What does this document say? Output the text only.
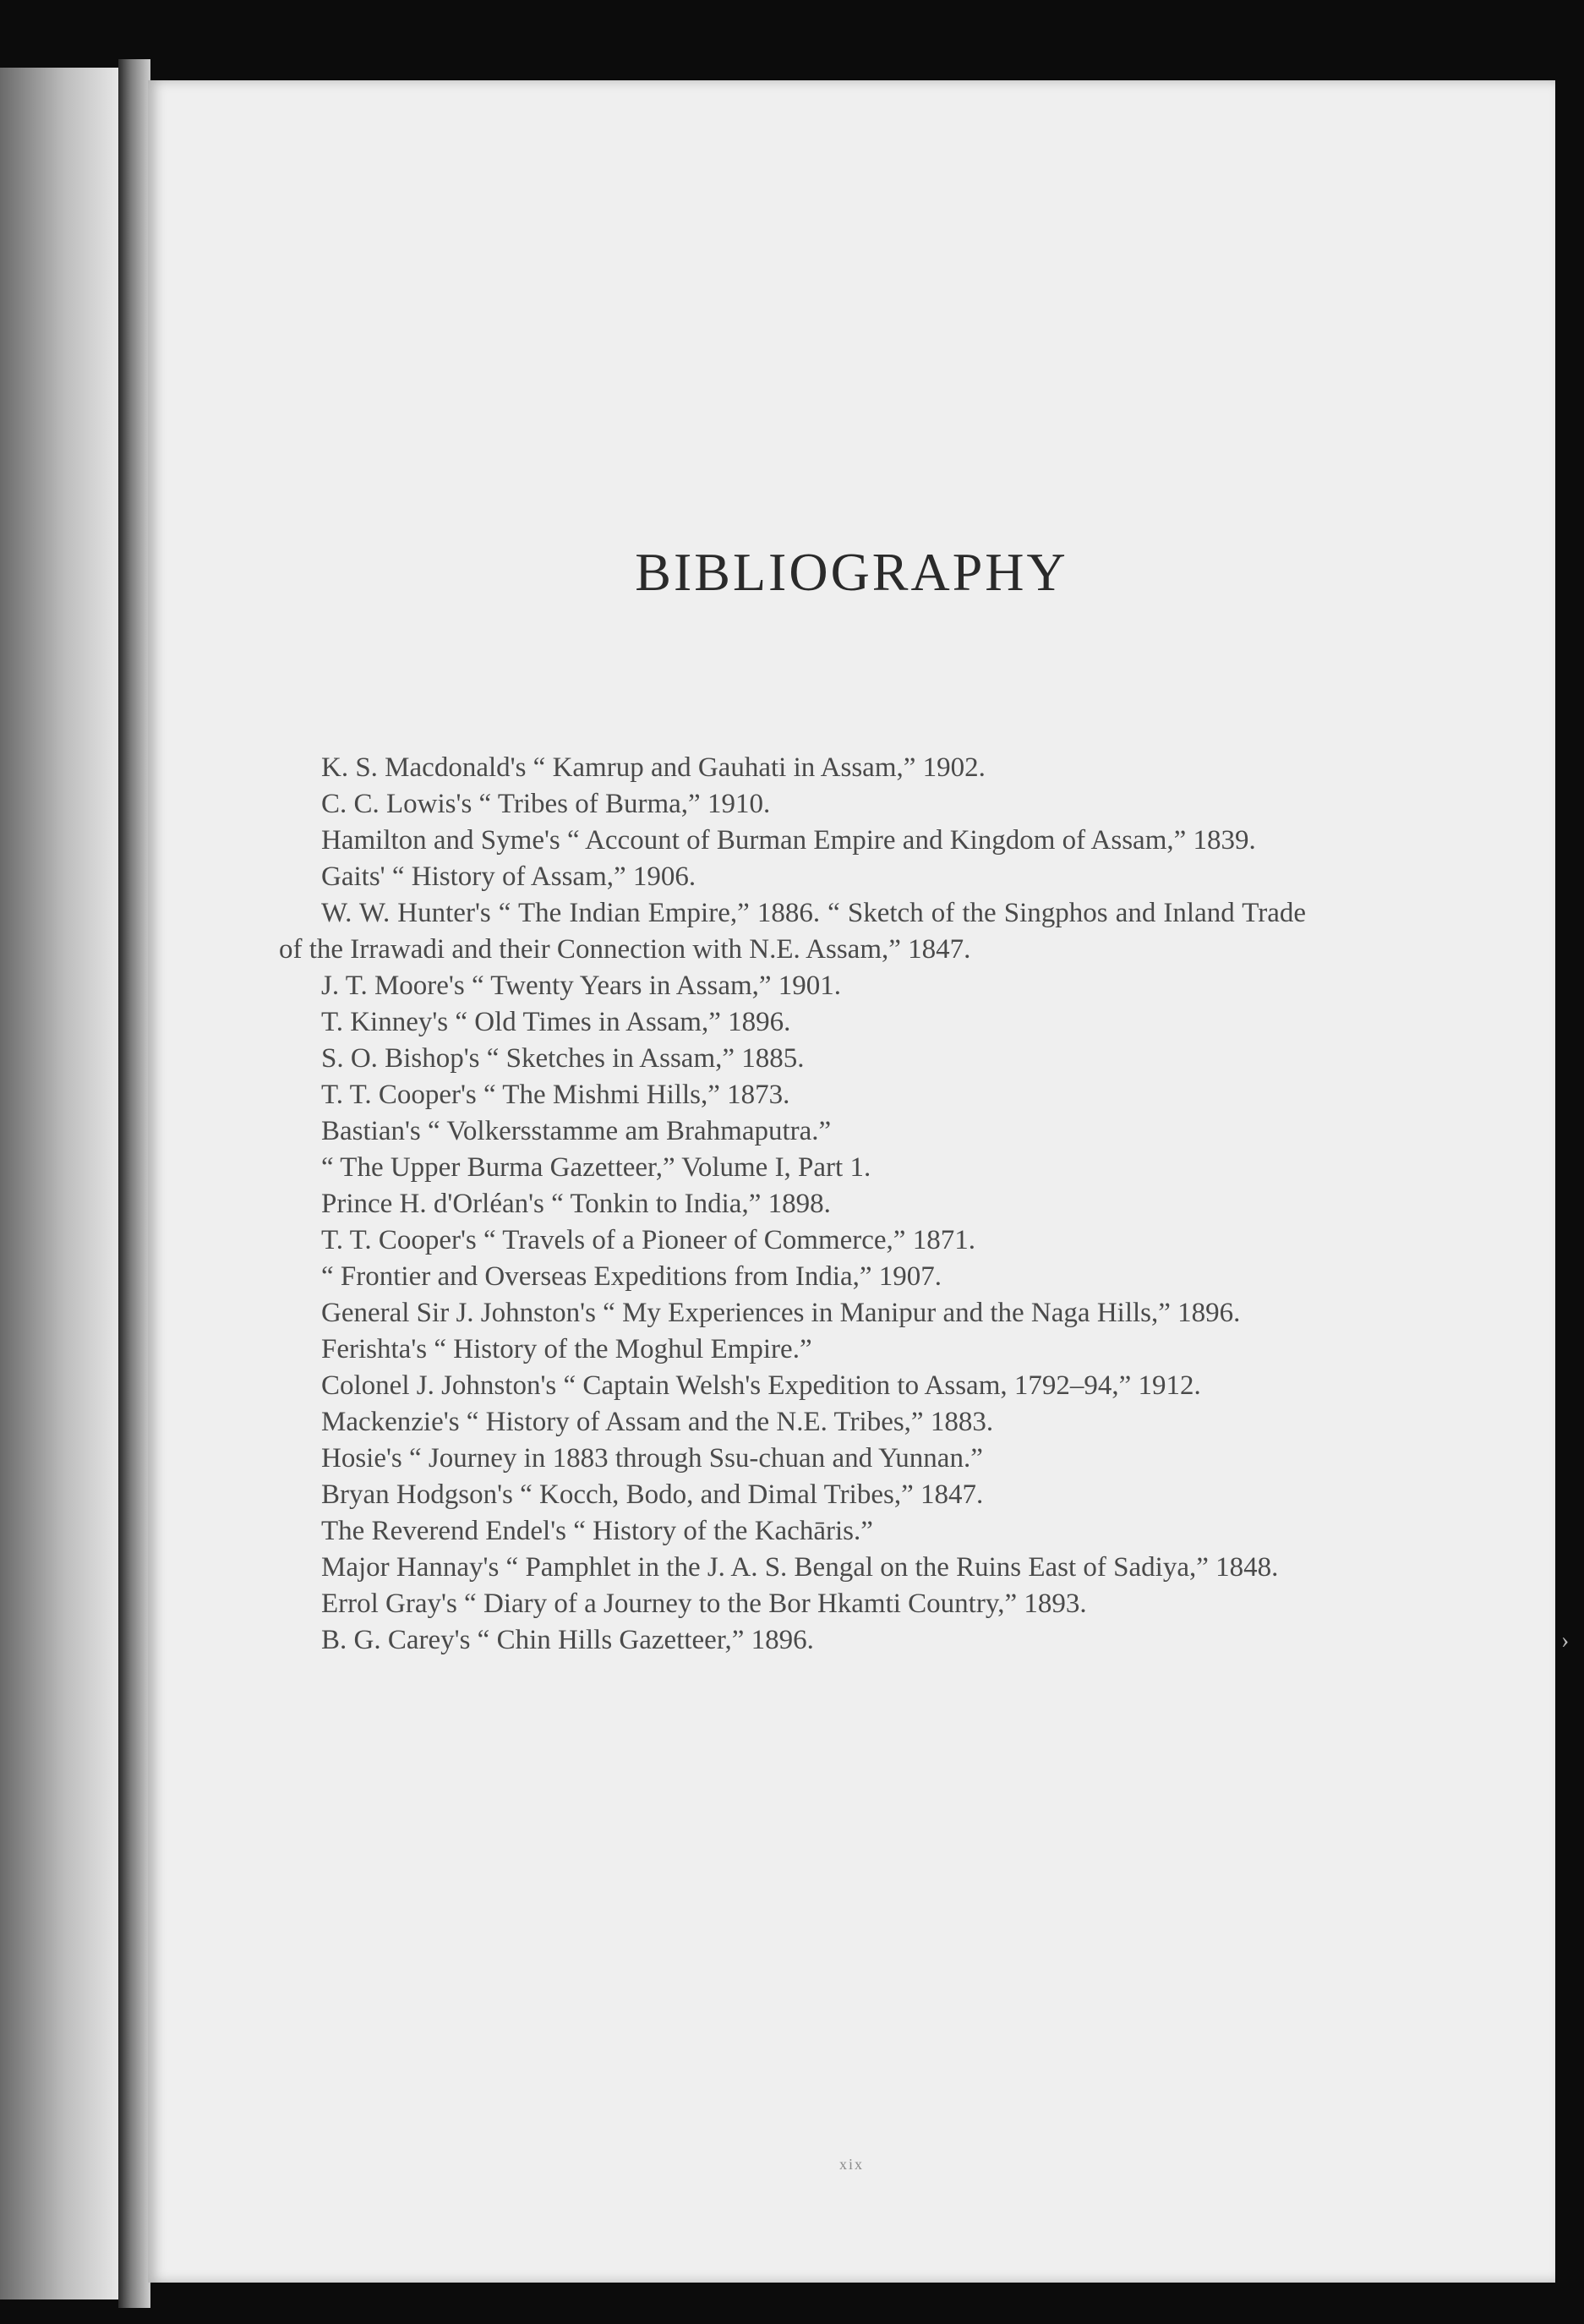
BIBLIOGRAPHY

K. S. Macdonald's “ Kamrup and Gauhati in Assam,” 1902.

C. C. Lowis's “ Tribes of Burma,” 1910.

Hamilton and Syme's “ Account of Burman Empire and Kingdom of Assam,” 1839.

Gaits' “ History of Assam,” 1906.

W. W. Hunter's “ The Indian Empire,” 1886. “ Sketch of the Singphos and Inland Trade of the Irrawadi and their Connection with N.E. Assam,” 1847.

J. T. Moore's “ Twenty Years in Assam,” 1901.

T. Kinney's “ Old Times in Assam,” 1896.

S. O. Bishop's “ Sketches in Assam,” 1885.

T. T. Cooper's “ The Mishmi Hills,” 1873.

Bastian's “ Volkersstamme am Brahmaputra.”

“ The Upper Burma Gazetteer,” Volume I, Part 1.

Prince H. d'Orléan's “ Tonkin to India,” 1898.

T. T. Cooper's “ Travels of a Pioneer of Commerce,” 1871.

“ Frontier and Overseas Expeditions from India,” 1907.

General Sir J. Johnston's “ My Experiences in Manipur and the Naga Hills,” 1896.

Ferishta's “ History of the Moghul Empire.”

Colonel J. Johnston's “ Captain Welsh's Expedition to Assam, 1792–94,” 1912.

Mackenzie's “ History of Assam and the N.E. Tribes,” 1883.

Hosie's “ Journey in 1883 through Ssu-chuan and Yunnan.”

Bryan Hodgson's “ Kocch, Bodo, and Dimal Tribes,” 1847.

The Reverend Endel's “ History of the Kachāris.”

Major Hannay's “ Pamphlet in the J. A. S. Bengal on the Ruins East of Sadiya,” 1848.

Errol Gray's “ Diary of a Journey to the Bor Hkamti Country,” 1893.

B. G. Carey's “ Chin Hills Gazetteer,” 1896.

xix
›
